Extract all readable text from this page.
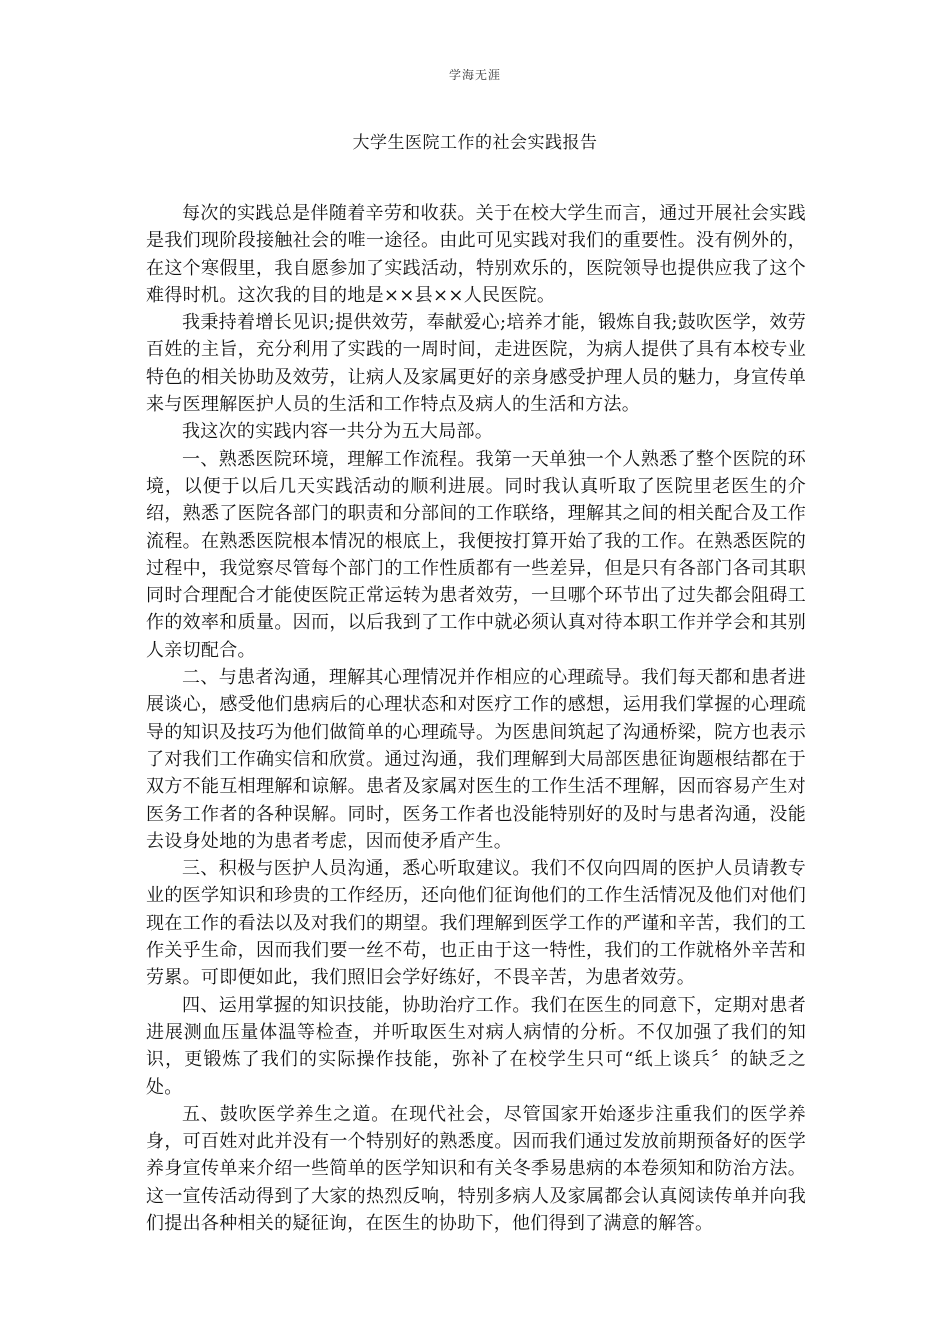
学海无涯
大学生医院工作的社会实践报告

每次的实践总是伴随着辛劳和收获。关于在校大学生而言，通过开展社会实践是我们现阶段接触社会的唯一途径。由此可见实践对我们的重要性。没有例外的，在这个寒假里，我自愿参加了实践活动，特别欢乐的，医院领导也提供应我了这个难得时机。这次我的目的地是××县××人民医院。

我秉持着增长见识;提供效劳，奉献爱心;培养才能，锻炼自我;鼓吹医学，效劳百姓的主旨，充分利用了实践的一周时间，走进医院，为病人提供了具有本校专业特色的相关协助及效劳，让病人及家属更好的亲身感受护理人员的魅力，身宣传单来与医理解医护人员的生活和工作特点及病人的生活和方法。

我这次的实践内容一共分为五大局部。

一、熟悉医院环境，理解工作流程。我第一天单独一个人熟悉了整个医院的环境，以便于以后几天实践活动的顺利进展。同时我认真听取了医院里老医生的介绍，熟悉了医院各部门的职责和分部间的工作联络，理解其之间的相关配合及工作流程。在熟悉医院根本情况的根底上，我便按打算开始了我的工作。在熟悉医院的过程中，我觉察尽管每个部门的工作性质都有一些差异，但是只有各部门各司其职同时合理配合才能使医院正常运转为患者效劳，一旦哪个环节出了过失都会阻碍工作的效率和质量。因而，以后我到了工作中就必须认真对待本职工作并学会和其别人亲切配合。

二、与患者沟通，理解其心理情况并作相应的心理疏导。我们每天都和患者进展谈心，感受他们患病后的心理状态和对医疗工作的感想，运用我们掌握的心理疏导的知识及技巧为他们做简单的心理疏导。为医患间筑起了沟通桥梁，院方也表示了对我们工作确实信和欣赏。通过沟通，我们理解到大局部医患征询题根结都在于双方不能互相理解和谅解。患者及家属对医生的工作生活不理解，因而容易产生对医务工作者的各种误解。同时，医务工作者也没能特别好的及时与患者沟通，没能去设身处地的为患者考虑，因而使矛盾产生。

三、积极与医护人员沟通，悉心听取建议。我们不仅向四周的医护人员请教专业的医学知识和珍贵的工作经历，还向他们征询他们的工作生活情况及他们对他们现在工作的看法以及对我们的期望。我们理解到医学工作的严谨和辛苦，我们的工作关乎生命，因而我们要一丝不苟，也正由于这一特性，我们的工作就格外辛苦和劳累。可即便如此，我们照旧会学好练好，不畏辛苦，为患者效劳。

四、运用掌握的知识技能，协助治疗工作。我们在医生的同意下，定期对患者进展测血压量体温等检查，并听取医生对病人病情的分析。不仅加强了我们的知识，更锻炼了我们的实际操作技能，弥补了在校学生只可“纸上谈兵〞的缺乏之处。

五、鼓吹医学养生之道。在现代社会，尽管国家开始逐步注重我们的医学养身，可百姓对此并没有一个特别好的熟悉度。因而我们通过发放前期预备好的医学养身宣传单来介绍一些简单的医学知识和有关冬季易患病的本卷须知和防治方法。这一宣传活动得到了大家的热烈反响，特别多病人及家属都会认真阅读传单并向我们提出各种相关的疑征询，在医生的协助下，他们得到了满意的解答。
